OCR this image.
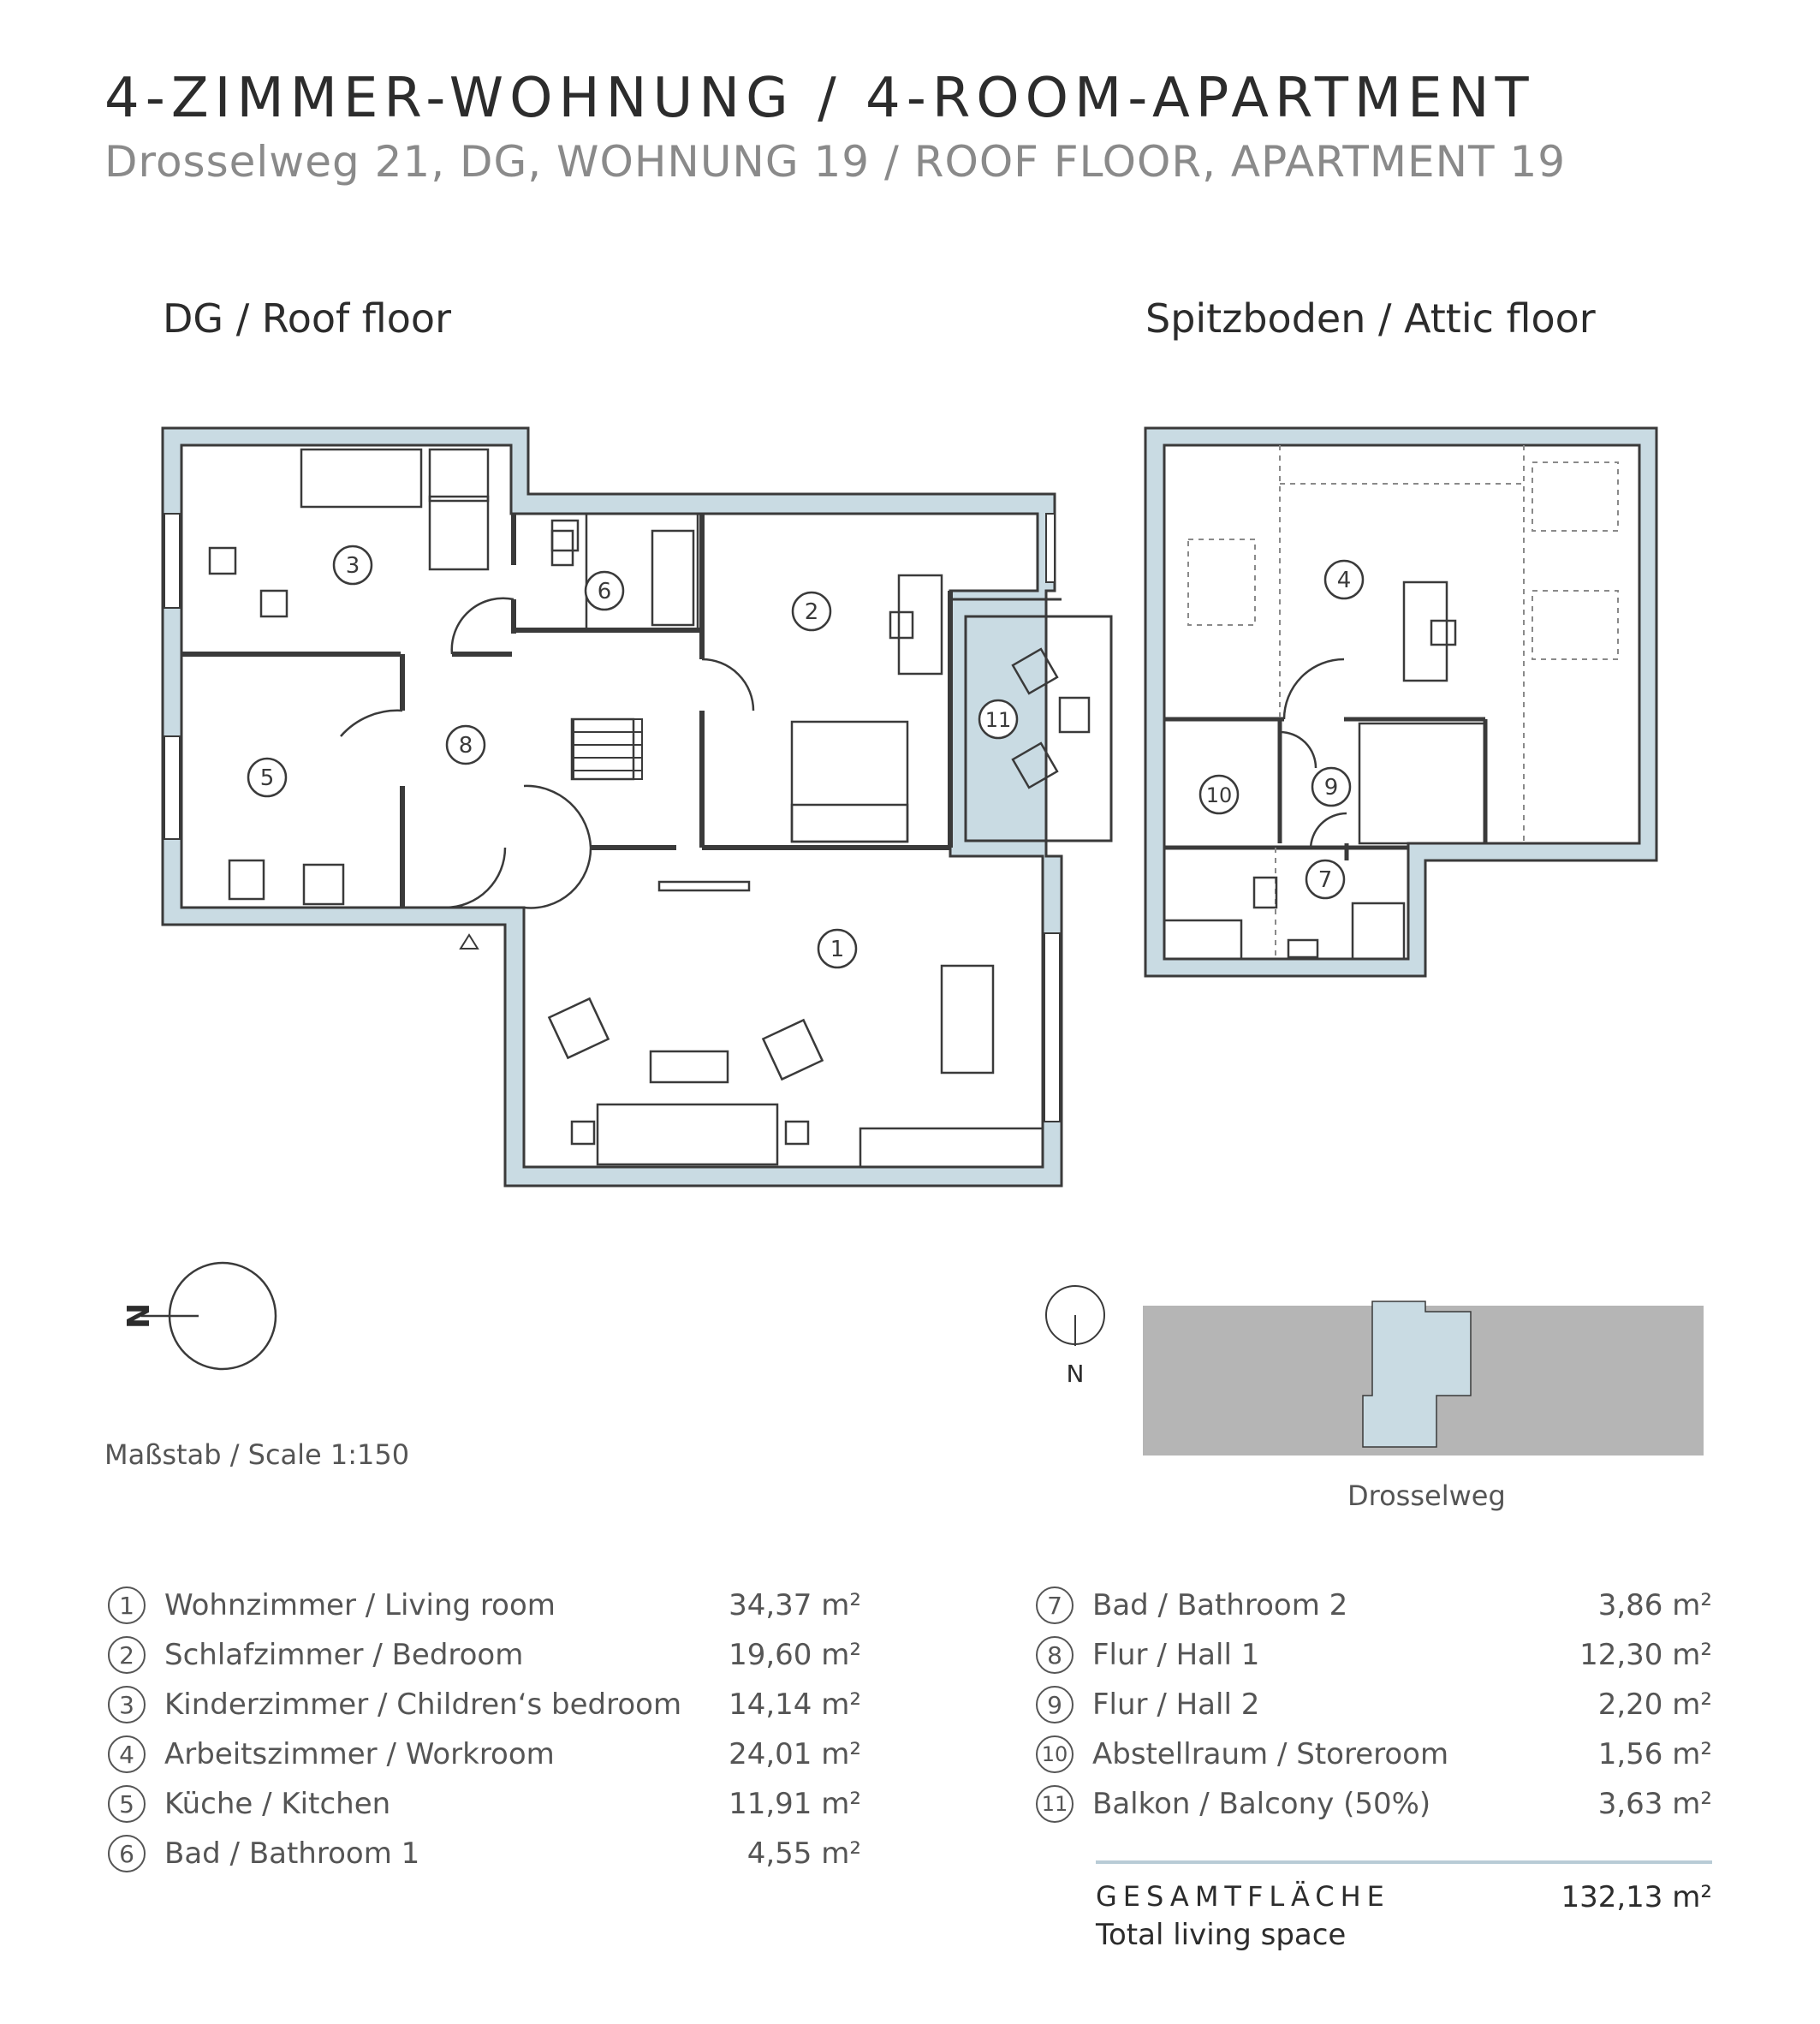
4-ZIMMER-WOHNUNG / 4-ROOM-APARTMENT
Drosselweg 21, DG, WOHNUNG 19 / ROOF FLOOR, APARTMENT 19
DG / Roof floor	Spitzboden / Attic floor
1
2
3
4
5
6
7
8
9
10
11
N
N
Maßstab / Scale 1:150
Drosselweg
1	Wohnzimmer / Living room	34,37 m²
2	Schlafzimmer / Bedroom	19,60 m²
3	Kinderzimmer / Children‘s bedroom	14,14 m²
4	Arbeitszimmer / Workroom	24,01 m²
5	Küche / Kitchen	11,91 m²
6	Bad / Bathroom 1	4,55 m²
7	Bad / Bathroom 2	3,86 m²
8	Flur / Hall 1	12,30 m²
9	Flur / Hall 2	2,20 m²
10 Abstellraum / Storeroom	1,56 m²
11 Balkon / Balcony (50%)	3,63 m²
GESAMTFLÄCHE
Total living space
132,13 m²
